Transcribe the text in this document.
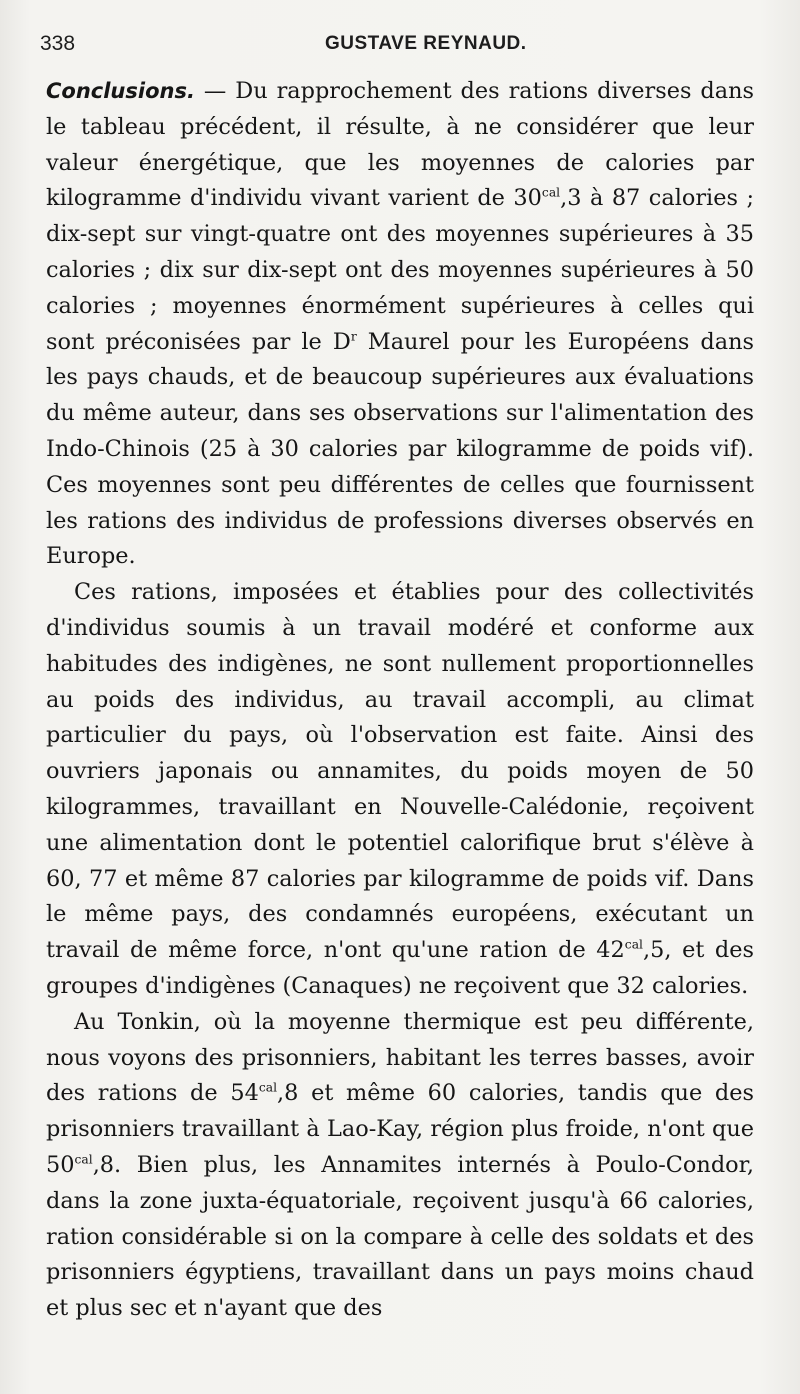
338	GUSTAVE REYNAUD.

Conclusions. — Du rapprochement des rations diverses dans le tableau précédent, il résulte, à ne considérer que leur valeur énergétique, que les moyennes de calories par kilogramme d'individu vivant varient de $30^{cal},3$ à 87 calories ; dix-sept sur vingt-quatre ont des moyennes supérieures à 35 calories ; dix sur dix-sept ont des moyennes supérieures à 50 calories ; moyennes énormément supérieures à celles qui sont préconisées par le $D^r$ Maurel pour les Européens dans les pays chauds, et de beaucoup supérieures aux évaluations du même auteur, dans ses observations sur l'alimentation des Indo-Chinois (25 à 30 calories par kilogramme de poids vif). Ces moyennes sont peu différentes de celles que fournissent les rations des individus de professions diverses observés en Europe.

Ces rations, imposées et établies pour des collectivités d'individus soumis à un travail modéré et conforme aux habitudes des indigènes, ne sont nullement proportionnelles au poids des individus, au travail accompli, au climat particulier du pays, où l'observation est faite. Ainsi des ouvriers japonais ou annamites, du poids moyen de 50 kilogrammes, travaillant en Nouvelle-Calédonie, reçoivent une alimentation dont le potentiel calorifique brut s'élève à 60, 77 et même 87 calories par kilogramme de poids vif. Dans le même pays, des condamnés européens, exécutant un travail de même force, n'ont qu'une ration de $42^{cal},5$, et des groupes d'indigènes (Canaques) ne reçoivent que 32 calories.

Au Tonkin, où la moyenne thermique est peu différente, nous voyons des prisonniers, habitant les terres basses, avoir des rations de $54^{cal},8$ et même 60 calories, tandis que des prisonniers travaillant à Lao-Kay, région plus froide, n'ont que $50^{cal},8$. Bien plus, les Annamites internés à Poulo-Condor, dans la zone juxta-équatoriale, reçoivent jusqu'à 66 calories, ration considérable si on la compare à celle des soldats et des prisonniers égyptiens, travaillant dans un pays moins chaud et plus sec et n'ayant que des
